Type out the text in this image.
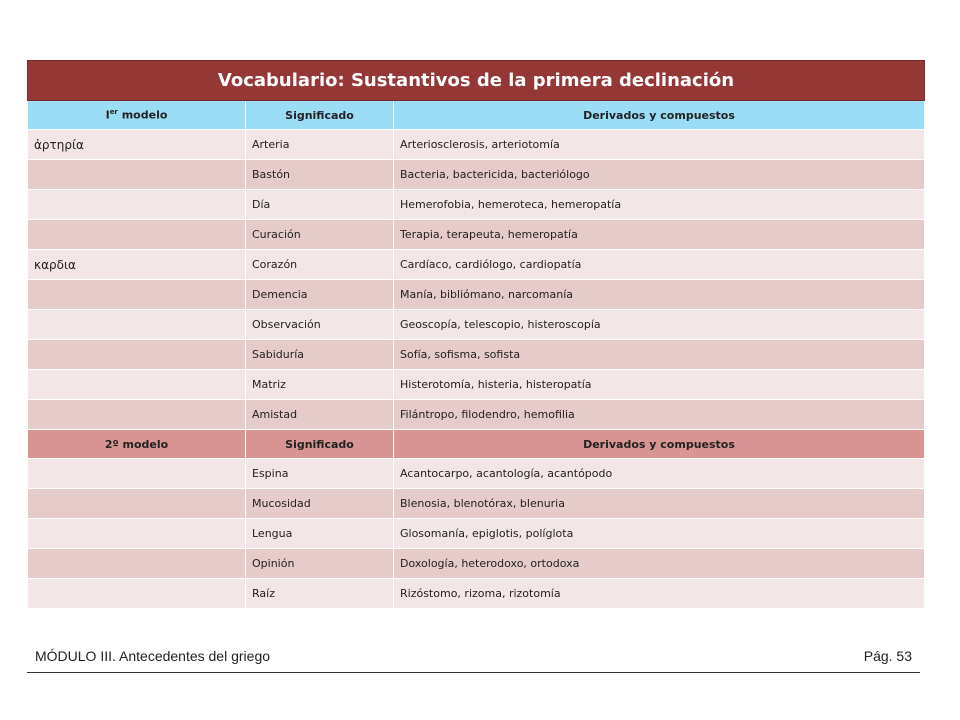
Vocabulario: Sustantivos de la primera declinación		
Ier modelo	Significado	Derivados y compuestos
ἀρτηρία	Arteria	Arteriosclerosis, arteriotomía
	Bastón	Bacteria, bactericida, bacteriólogo
	Día	Hemerofobia, hemeroteca, hemeropatía
	Curación	Terapia, terapeuta, hemeropatía
καρδια	Corazón	Cardíaco, cardiólogo, cardiopatía
	Demencia	Manía, bibliómano, narcomanía
	Observación	Geoscopía, telescopio, histeroscopía
	Sabiduría	Sofía, sofisma, sofista
	Matriz	Histerotomía, histeria, histeropatía
	Amistad	Filántropo, filodendro, hemofilia
2º modelo	Significado	Derivados y compuestos
	Espina	Acantocarpo, acantología, acantópodo
	Mucosidad	Blenosia, blenotórax, blenuria
	Lengua	Glosomanía, epiglotis, políglota
	Opinión	Doxología, heterodoxo, ortodoxa
	Raíz	Rizóstomo, rizoma, rizotomía
MÓDULO III. Antecedentes del griego	Pág. 53
